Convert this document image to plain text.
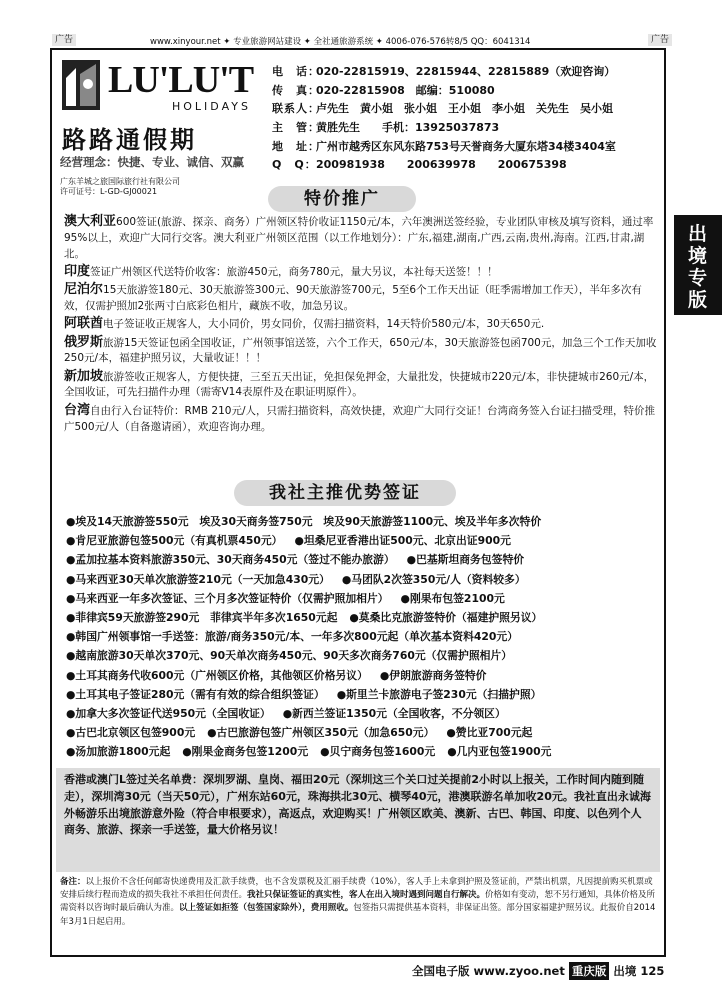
广告	www.xinyour.net ✦ 专业旅游网站建设 ✦ 全社通旅游系统 ✦ 4006-076-576转8/5 QQ：6041314	广告
出境专版
LU'LU'T
HOLIDAYS
路路通假期
经营理念：快捷、专业、诚信、双赢
广东羊城之旅国际旅行社有限公司
许可证号：L-GD-GJ00021
电　话：
020-22815919、22815944、22815889（欢迎咨询）
传　真：
020-22815908　邮编：510080
联系人：
卢先生　黄小姐　张小姐　王小姐　李小姐　关先生　吴小姐
主　管：
黄胜先生　　手机：13925037873
地　址：
广州市越秀区东风东路753号天誉商务大厦东塔34楼3404室
Q　Q： 200981938　　200639978　　200675398
特价推广

澳大利亚600签证(旅游、探亲、商务）广州领区特价收证1150元/本，六年澳洲送签经验，专业团队审核及填写资料，通过率95%以上，欢迎广大同行交客。澳大利亚广州领区范围（以工作地划分）：广东,福建,湖南,广西,云南,贵州,海南。江西,甘肃,湖北。

印度签证广州领区代送特价收客：旅游450元，商务780元，量大另议，本社每天送签！！！

尼泊尔15天旅游签180元、30天旅游签300元、90天旅游签700元，5至6个工作天出证（旺季需增加工作天），半年多次有效，仅需护照加2张两寸白底彩色相片，藏族不收，加急另议。

阿联酋电子签证收正规客人，大小同价，男女同价，仅需扫描资料，14天特价580元/本，30天650元.

俄罗斯旅游15天签证包函全国收证，广州领事馆送签，六个工作天，650元/本，30天旅游签包函700元，加急三个工作天加收250元/本，福建护照另议，大量收证！！！

新加坡旅游签收正规客人，方便快捷，三至五天出证，免担保免押金，大量批发，快捷城市220元/本，非快捷城市260元/本，全国收证，可先扫描件办理（需寄V14表原件及在职证明原件）。

台湾自由行入台证特价：RMB 210元/人，只需扫描资料，高效快捷，欢迎广大同行交证！台湾商务签入台证扫描受理，特价推广500元/人（自备邀请函），欢迎咨询办理。

我社主推优势签证
●埃及14天旅游签550元　埃及30天商务签750元　埃及90天旅游签1100元、埃及半年多次特价
●肯尼亚旅游包签500元（有真机票450元） ●坦桑尼亚香港出证500元、北京出证900元
●孟加拉基本资料旅游350元、30天商务450元（签过不能办旅游） ●巴基斯坦商务包签特价
●马来西亚30天单次旅游签210元（一天加急430元） ●马团队2次签350元/人（资料较多）
●马来西亚一年多次签证、三个月多次签证特价（仅需护照加相片） ●刚果布包签2100元
●菲律宾59天旅游签290元　菲律宾半年多次1650元起 ●莫桑比克旅游签特价（福建护照另议）
●韩国广州领事馆一手送签：旅游/商务350元/本、一年多次800元起（单次基本资料420元）
●越南旅游30天单次370元、90天单次商务450元、90天多次商务760元（仅需护照相片）
●土耳其商务代收600元（广州领区价格，其他领区价格另议） ●伊朗旅游商务签特价
●土耳其电子签证280元（需有有效的综合组织签证） ●斯里兰卡旅游电子签230元（扫描护照）
●加拿大多次签证代送950元（全国收证） ●新西兰签证1350元（全国收客，不分领区）
●古巴北京领区包签900元 ●古巴旅游包签广州领区350元（加急650元） ●赞比亚700元起
●汤加旅游1800元起 ●刚果金商务包签1200元 ●贝宁商务包签1600元 ●几内亚包签1900元
香港或澳门L签过关名单费：深圳罗湖、皇岗、福田20元（深圳这三个关口过关提前2小时以上报关，工作时间内随到随走），深圳湾30元（当天50元），广州东站60元，珠海拱北30元、横琴40元，港澳联游名单加收20元。我社直出永诚海外畅游乐出境旅游意外险（符合申根要求），高返点，欢迎购买！广州领区欧美、澳新、古巴、韩国、印度、以色列个人商务、旅游、探亲一手送签，量大价格另议！
备注：以上报价不含任何邮寄快递费用及汇款手续费，也不含发票税及汇丽手续费（10%），客人手上未拿到护照及签证前，严禁出机票，凡因提前购买机票或安排后续行程而造成的损失我社不承担任何责任。我社只保证签证的真实性，客人在出入境时遇到问题自行解决。价格如有变动，恕不另行通知，具体价格及所需资料以咨询时最后确认为准。以上签证如拒签（包签国家除外），费用照收。包签指只需提供基本资料，非保证出签。部分国家福建护照另议。此报价自2014年3月1日起启用。
全国电子版 www.zyoo.net 重庆版 出境 125
